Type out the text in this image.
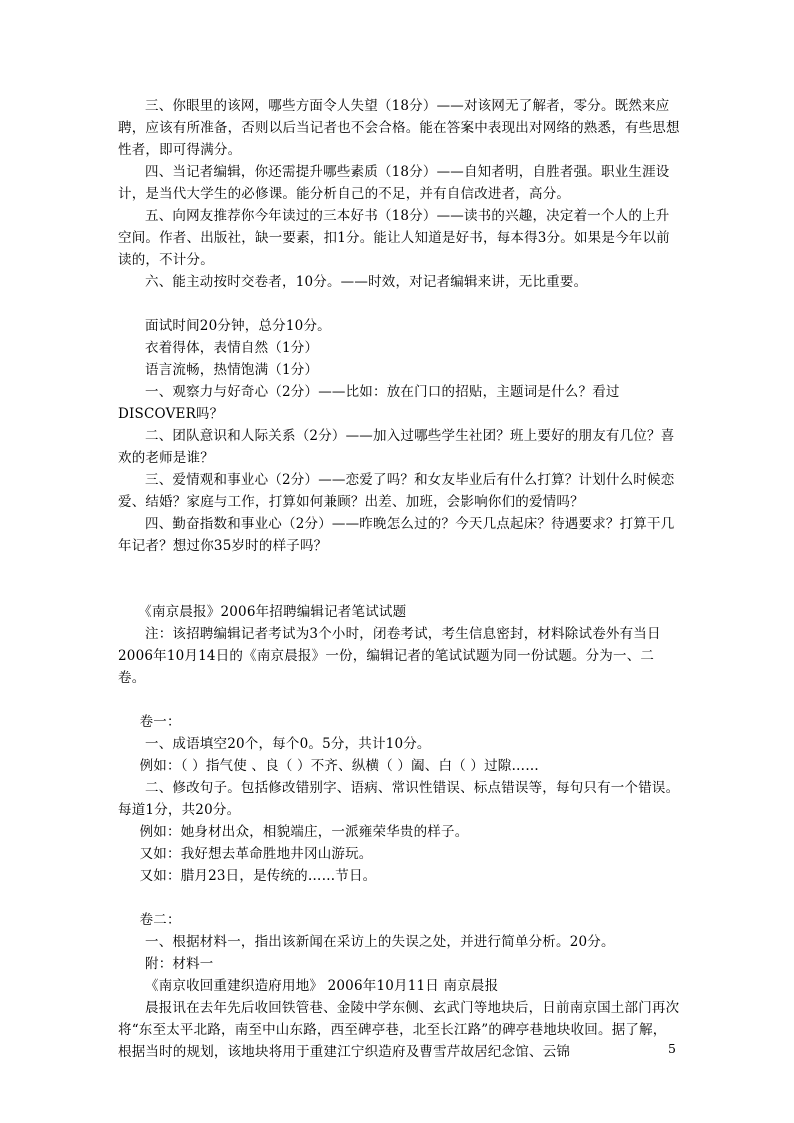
三、你眼里的该网，哪些方面令人失望（18分）——对该网无了解者，零分。既然来应聘，应该有所准备，否则以后当记者也不会合格。能在答案中表现出对网络的熟悉，有些思想性者，即可得满分。

四、当记者编辑，你还需提升哪些素质（18分）——自知者明，自胜者强。职业生涯设计，是当代大学生的必修课。能分析自己的不足，并有自信改进者，高分。

五、向网友推荐你今年读过的三本好书（18分）——读书的兴趣，决定着一个人的上升空间。作者、出版社，缺一要素，扣1分。能让人知道是好书，每本得3分。如果是今年以前读的，不计分。

六、能主动按时交卷者，10分。——时效，对记者编辑来讲，无比重要。

面试时间20分钟，总分10分。

衣着得体，表情自然（1分）

语言流畅，热情饱满（1分）

一、观察力与好奇心（2分）——比如：放在门口的招贴，主题词是什么？看过DISCOVER吗？

二、团队意识和人际关系（2分）——加入过哪些学生社团？班上要好的朋友有几位？喜欢的老师是谁？

三、爱情观和事业心（2分）——恋爱了吗？和女友毕业后有什么打算？计划什么时候恋爱、结婚？家庭与工作，打算如何兼顾？出差、加班，会影响你们的爱情吗？

四、勤奋指数和事业心（2分）——昨晚怎么过的？今天几点起床？待遇要求？打算干几年记者？想过你35岁时的样子吗？

《南京晨报》2006年招聘编辑记者笔试试题

注：该招聘编辑记者考试为3个小时，闭卷考试，考生信息密封，材料除试卷外有当日2006年10月14日的《南京晨报》一份，编辑记者的笔试试题为同一份试题。分为一、二卷。

卷一：

一、成语填空20个，每个0。5分，共计10分。

例如：（ ）指气使 、良（ ）不齐、纵横（ ）阖、白（ ）过隙……

二、修改句子。包括修改错别字、语病、常识性错误、标点错误等，每句只有一个错误。每道1分，共20分。

例如：她身材出众，相貌端庄，一派雍荣华贵的样子。

又如：我好想去革命胜地井冈山游玩。

又如：腊月23日，是传统的……节日。

卷二：

一、根据材料一，指出该新闻在采访上的失误之处，并进行简单分析。20分。

附：材料一

《南京收回重建织造府用地》 2006年10月11日 南京晨报

晨报讯在去年先后收回铁管巷、金陵中学东侧、玄武门等地块后，日前南京国土部门再次将“东至太平北路，南至中山东路，西至碑亭巷，北至长江路”的碑亭巷地块收回。据了解，根据当时的规划，该地块将用于重建江宁织造府及曹雪芹故居纪念馆、云锦	5
